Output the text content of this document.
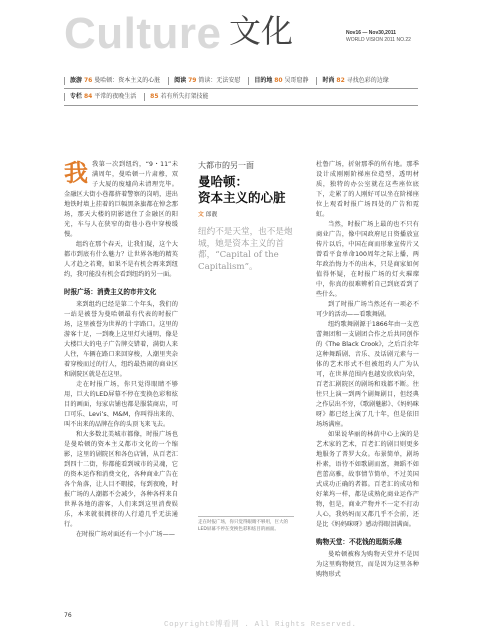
Culture 文化	Nov16 — Nov30,2011
WORLD VISION 2011 NO.22
旅游 76 曼哈顿：资本主义的心脏 阅读 79 简读：无法安慰 目的地 80 吴哥窟静 时尚 82 寻找色彩的边缘
专栏 84 平常的夜晚生活 85 若有所失打架技能

我我第一次到纽约，“9・11”未满周年，曼哈顿一片肃穆，双子大厦的废墟尚未清理完毕。金融区大街小巷都挤着警察的岗哨，进出地铁时墙上挂着的巨幅黑条旗都在悼念那场，那天大楼的阴影遮住了金融区的阳光，车与人在狭窄的街巷小巷中穿梭缓慢。

组约在那个春天，让我们疑，这个大都市到底有什么魅力？让世界各地的精英人才趋之若鹜，如果不是有机会再来到纽约，我可能没有机会看到纽约的另一面。

时报广场：消费主义的市井文化

来到组约已经是第二个年头，我们的一站是被誉为曼哈顿最有代表的时报广场，这里被誉为世界的十字路口。这里的游客十足，一到晚上这里灯火通明，像是大楼巨大的电子广告牌交错着，满街人来人往，车辆在路口来回穿梭，人潮里夹杂着穿梭而过的行人，纽约最热闹的商业区和剧院区就是在这里。

走在时报广场，你只觉得眼睛不够用，巨大的LED屏幕不停在变换色彩和炫目的画面，每家店铺也都是服装商店，可口可乐、Levi’s、M&M，你叫得出来的、叫不出来的品牌在你的头顶飞来飞去。

和大多数北美城市都像，时报广场也是曼哈顿的资本主义都市文化的一个缩影，这里的剧院区和各色店铺，从百老汇到四十二街，你都能看到城市的灵魂，它的资本运作和消费文化，各种商业广告在各个角落，让人目不暇接，每到夜晚，时报广场的人潮都不会减少，各种各样来自世界各地的游客，人们来到这里消费娱乐，本来就很拥挤的人行道几乎无法通行。

在时报广场对面还有一个小广场——

大都市的另一面
曼哈顿：
资本主义的心脏
文 郎靓
纽约不是天堂，也不是炮城，她是资本主义的首都，“Capital of the Capitalism”。
走在时报广场，你只觉得眼睛不够用，巨大的LED屏幕不停在变换色彩和炫目的画面。

杜鲁广场，折射那季的所有地。那季设计成刚刚阶梯座位造型，透明材质，独特的办公室就在这些座位底下，走累了的人刚好可以坐在阶梯座位上观看时报广场四处的广告和霓虹。

当然，时报广场上最的也不只有商业广告，像中国政府尼日资播放宣传片以后，中国在商而形象宣传片又曾看平食单命100周年之际上播，两年政治悔力不的出本，只是商家如何值得怀疑，在时报广场的灯火璀璨中，你真的很难辨析自己到底看到了些什么。

到了时报广场当然还有一项必不可少的活动——看歌舞剧。

纽约歌舞剧源于1866年由一支芭蕾舞团和一支剧团合作之后共同创作的《The Black Crook》，之后百余年这种舞蹈剧、音乐、及话剧元素与一体的艺术形式不但被纽约人广为认可，在世界范围内也越发欣欣向荣，百老汇剧院区的剧场和戏都不断。往往只上演一到两个剧舞剧目，但经典之作层出不穷，《歌剧魅影》、《妈妈咪呀》都已经上演了几十年，但是依旧场场满座。

如果说华丽的林荫中心上演的是艺术家的艺术，百老汇的剧目则更多地服务了普罗大众。布景简单，剧场朴素，语待不如歌剧而富，舞蹈不如芭蕾高雅，故事情节简单，不过美国式成功正确的者都。百老汇的成功和好莱坞一样，都是成熟化商业运作产物，但是，商业产物并不一定不打动人心，我妈妈而又都几乎不会前，还是比《妈妈咪呀》感动得眼泪满面。

购物天堂：不花钱的逛街乐趣

曼哈顿被称为购物天堂并不是因为这里购物便宜，而是因为这里各种购物形式

76
Copyright©博看网 . All Rights Reserved.
